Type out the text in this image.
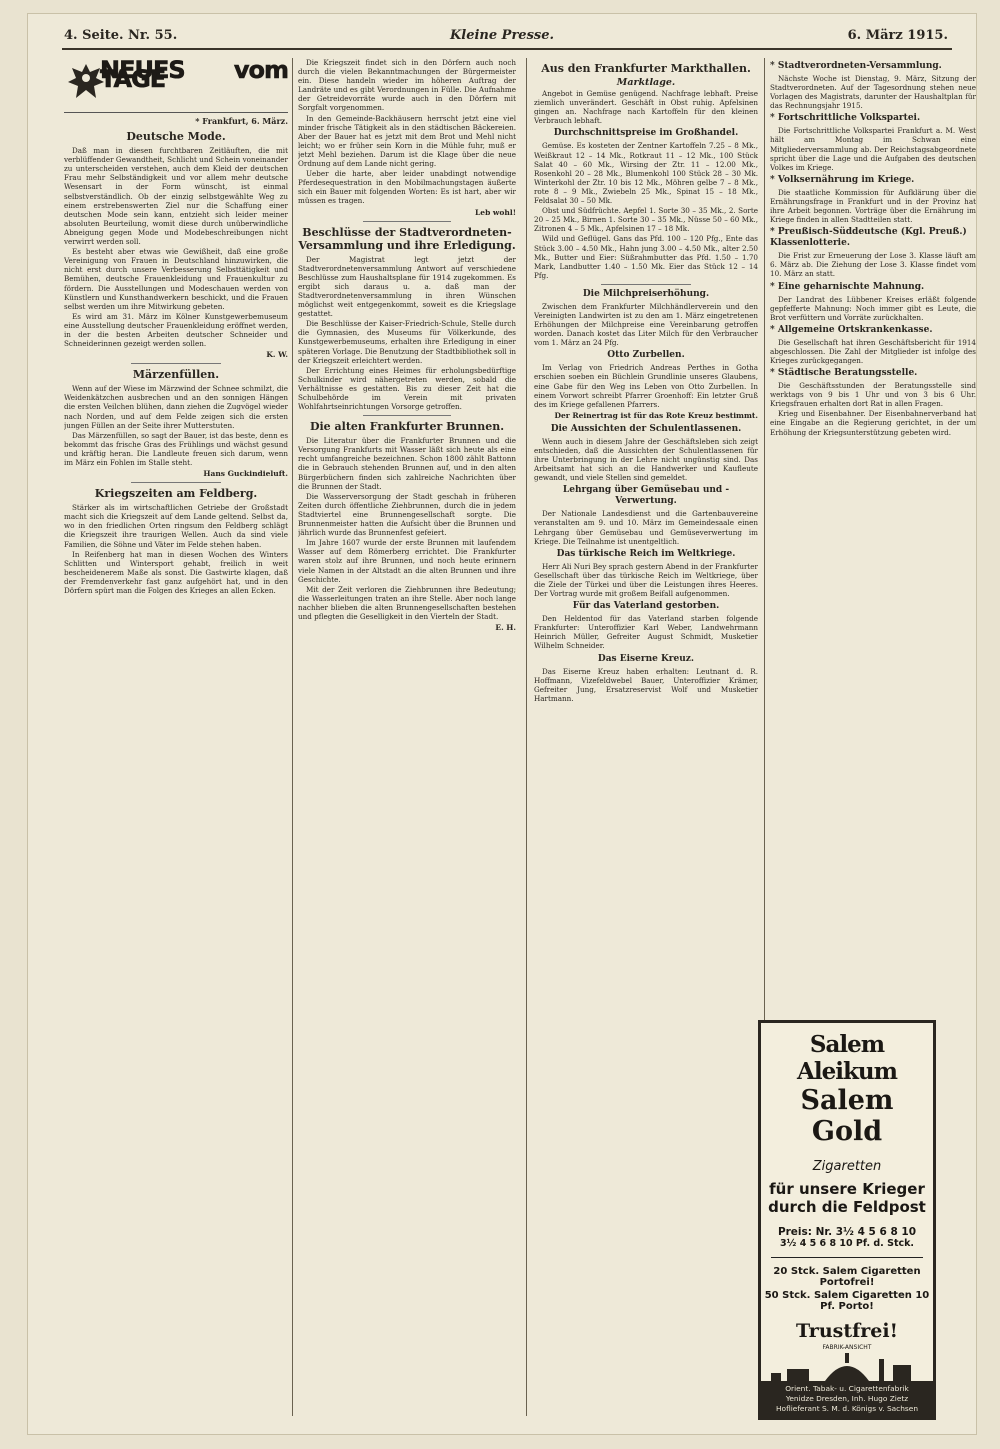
4. Seite. Nr. 55.	Kleine Presse.	6. März 1915.
NEUES vom TAGE
* Frankfurt, 6. März.
Deutsche Mode.

Daß man in diesen furchtbaren Zeitläuften, die mit verblüffender Gewandtheit, Schlicht und Schein voneinander zu unterscheiden verstehen, auch dem Kleid der deutschen Frau mehr Selbständigkeit und vor allem mehr deutsche Wesensart in der Form wünscht, ist einmal selbstverständlich. Ob der einzig selbstgewählte Weg zu einem erstrebenswerten Ziel nur die Schaffung einer deutschen Mode sein kann, entzieht sich leider meiner absoluten Beurteilung, womit diese durch unüberwindliche Abneigung gegen Mode und Modebeschreibungen nicht verwirrt werden soll.

Es besteht aber etwas wie Gewißheit, daß eine große Vereinigung von Frauen in Deutschland hinzuwirken, die nicht erst durch unsere Verbesserung Selbsttätigkeit und Bemühen, deutsche Frauenkleidung und Frauenkultur zu fördern. Die Ausstellungen und Modeschauen werden von Künstlern und Kunsthandwerkern beschickt, und die Frauen selbst werden um ihre Mitwirkung gebeten.

Es wird am 31. März im Kölner Kunstgewerbemuseum eine Ausstellung deutscher Frauenkleidung eröffnet werden, in der die besten Arbeiten deutscher Schneider und Schneiderinnen gezeigt werden sollen.

K. W.
Märzenfüllen.

Wenn auf der Wiese im Märzwind der Schnee schmilzt, die Weidenkätzchen ausbrechen und an den sonnigen Hängen die ersten Veilchen blühen, dann ziehen die Zugvögel wieder nach Norden, und auf dem Felde zeigen sich die ersten jungen Füllen an der Seite ihrer Mutterstuten.

Das Märzenfüllen, so sagt der Bauer, ist das beste, denn es bekommt das frische Gras des Frühlings und wächst gesund und kräftig heran. Die Landleute freuen sich darum, wenn im März ein Fohlen im Stalle steht.

Hans Guckindieluft.
Kriegszeiten am Feldberg.

Stärker als im wirtschaftlichen Getriebe der Großstadt macht sich die Kriegszeit auf dem Lande geltend. Selbst da, wo in den friedlichen Orten ringsum den Feldberg schlägt die Kriegszeit ihre traurigen Wellen. Auch da sind viele Familien, die Söhne und Väter im Felde stehen haben.

In Reifenberg hat man in diesen Wochen des Winters Schlitten und Wintersport gehabt, freilich in weit bescheidenerem Maße als sonst. Die Gastwirte klagen, daß der Fremdenverkehr fast ganz aufgehört hat, und in den Dörfern spürt man die Folgen des Krieges an allen Ecken.

Die Kriegszeit findet sich in den Dörfern auch noch durch die vielen Bekanntmachungen der Bürgermeister ein. Diese handeln wieder im höheren Auftrag der Landräte und es gibt Verordnungen in Fülle. Die Aufnahme der Getreidevorräte wurde auch in den Dörfern mit Sorgfalt vorgenommen.

In den Gemeinde-Backhäusern herrscht jetzt eine viel minder frische Tätigkeit als in den städtischen Bäckereien. Aber der Bauer hat es jetzt mit dem Brot und Mehl nicht leicht; wo er früher sein Korn in die Mühle fuhr, muß er jetzt Mehl beziehen. Darum ist die Klage über die neue Ordnung auf dem Lande nicht gering.

Ueber die harte, aber leider unabdingt notwendige Pferdesequestration in den Mobilmachungstagen äußerte sich ein Bauer mit folgenden Worten: Es ist hart, aber wir müssen es tragen.

Leb wohl!
Beschlüsse der Stadtverordneten-Versammlung und ihre Erledigung.

Der Magistrat legt jetzt der Stadtverordnetenversammlung Antwort auf verschiedene Beschlüsse zum Haushaltsplane für 1914 zugekommen. Es ergibt sich daraus u. a. daß man der Stadtverordnetenversammlung in ihren Wünschen möglichst weit entgegenkommt, soweit es die Kriegslage gestattet.

Die Beschlüsse der Kaiser-Friedrich-Schule, Stelle durch die Gymnasien, des Museums für Völkerkunde, des Kunstgewerbemuseums, erhalten ihre Erledigung in einer späteren Vorlage. Die Benutzung der Stadtbibliothek soll in der Kriegszeit erleichtert werden.

Der Errichtung eines Heimes für erholungsbedürftige Schulkinder wird nähergetreten werden, sobald die Verhältnisse es gestatten. Bis zu dieser Zeit hat die Schulbehörde im Verein mit privaten Wohlfahrtseinrichtungen Vorsorge getroffen.

Die alten Frankfurter Brunnen.

Die Literatur über die Frankfurter Brunnen und die Versorgung Frankfurts mit Wasser läßt sich heute als eine recht umfangreiche bezeichnen. Schon 1800 zählt Battonn die in Gebrauch stehenden Brunnen auf, und in den alten Bürgerbüchern finden sich zahlreiche Nachrichten über die Brunnen der Stadt.

Die Wasserversorgung der Stadt geschah in früheren Zeiten durch öffentliche Ziehbrunnen, durch die in jedem Stadtviertel eine Brunnengesellschaft sorgte. Die Brunnenmeister hatten die Aufsicht über die Brunnen und jährlich wurde das Brunnenfest gefeiert.

Im Jahre 1607 wurde der erste Brunnen mit laufendem Wasser auf dem Römerberg errichtet. Die Frankfurter waren stolz auf ihre Brunnen, und noch heute erinnern viele Namen in der Altstadt an die alten Brunnen und ihre Geschichte.

Mit der Zeit verloren die Ziehbrunnen ihre Bedeutung; die Wasserleitungen traten an ihre Stelle. Aber noch lange nachher blieben die alten Brunnengesellschaften bestehen und pflegten die Geselligkeit in den Vierteln der Stadt.

E. H.
Aus den Frankfurter Markthallen.
Marktlage.

Angebot in Gemüse genügend. Nachfrage lebhaft. Preise ziemlich unverändert. Geschäft in Obst ruhig. Apfelsinen gingen an. Nachfrage nach Kartoffeln für den kleinen Verbrauch lebhaft.

Durchschnittspreise im Großhandel.

Gemüse. Es kosteten der Zentner Kartoffeln 7.25 – 8 Mk., Weißkraut 12 – 14 Mk., Rotkraut 11 – 12 Mk., 100 Stück Salat 40 – 60 Mk., Wirsing der Ztr. 11 – 12.00 Mk., Rosenkohl 20 – 28 Mk., Blumenkohl 100 Stück 28 – 30 Mk. Winterkohl der Ztr. 10 bis 12 Mk., Möhren gelbe 7 – 8 Mk., rote 8 – 9 Mk., Zwiebeln 25 Mk., Spinat 15 – 18 Mk., Feldsalat 30 – 50 Mk.

Obst und Südfrüchte. Aepfel 1. Sorte 30 – 35 Mk., 2. Sorte 20 – 25 Mk., Birnen 1. Sorte 30 – 35 Mk., Nüsse 50 – 60 Mk., Zitronen 4 – 5 Mk., Apfelsinen 17 – 18 Mk.

Wild und Geflügel. Gans das Pfd. 100 – 120 Pfg., Ente das Stück 3.00 – 4.50 Mk., Hahn jung 3.00 – 4.50 Mk., alter 2.50 Mk., Butter und Eier: Süßrahmbutter das Pfd. 1.50 – 1.70 Mark, Landbutter 1.40 – 1.50 Mk. Eier das Stück 12 – 14 Pfg.

Die Milchpreiserhöhung.

Zwischen dem Frankfurter Milchhändlerverein und den Vereinigten Landwirten ist zu den am 1. März eingetretenen Erhöhungen der Milchpreise eine Vereinbarung getroffen worden. Danach kostet das Liter Milch für den Verbraucher vom 1. März an 24 Pfg.

Otto Zurbellen.

Im Verlag von Friedrich Andreas Perthes in Gotha erschien soeben ein Büchlein Grundlinie unseres Glaubens, eine Gabe für den Weg ins Leben von Otto Zurbellen. In einem Vorwort schreibt Pfarrer Groenhoff: Ein letzter Gruß des im Kriege gefallenen Pfarrers.

Der Reinertrag ist für das Rote Kreuz bestimmt.
Die Aussichten der Schulentlassenen.

Wenn auch in diesem Jahre der Geschäftsleben sich zeigt entschieden, daß die Aussichten der Schulentlassenen für ihre Unterbringung in der Lehre nicht ungünstig sind. Das Arbeitsamt hat sich an die Handwerker und Kaufleute gewandt, und viele Stellen sind gemeldet.

Lehrgang über Gemüsebau und -Verwertung.

Der Nationale Landesdienst und die Gartenbauvereine veranstalten am 9. und 10. März im Gemeindesaale einen Lehrgang über Gemüsebau und Gemüseverwertung im Kriege. Die Teilnahme ist unentgeltlich.

Das türkische Reich im Weltkriege.

Herr Ali Nuri Bey sprach gestern Abend in der Frankfurter Gesellschaft über das türkische Reich im Weltkriege, über die Ziele der Türkei und über die Leistungen ihres Heeres. Der Vortrag wurde mit großem Beifall aufgenommen.

Für das Vaterland gestorben.

Den Heldentod für das Vaterland starben folgende Frankfurter: Unteroffizier Karl Weber, Landwehrmann Heinrich Müller, Gefreiter August Schmidt, Musketier Wilhelm Schneider.

Das Eiserne Kreuz.

Das Eiserne Kreuz haben erhalten: Leutnant d. R. Hoffmann, Vizefeldwebel Bauer, Unteroffizier Krämer, Gefreiter Jung, Ersatzreservist Wolf und Musketier Hartmann.

* Stadtverordneten-Versammlung.

Nächste Woche ist Dienstag, 9. März, Sitzung der Stadtverordneten. Auf der Tagesordnung stehen neue Vorlagen des Magistrats, darunter der Haushaltplan für das Rechnungsjahr 1915.

* Fortschrittliche Volkspartei.

Die Fortschrittliche Volkspartei Frankfurt a. M. West hält am Montag im Schwan eine Mitgliederversammlung ab. Der Reichstagsabgeordnete spricht über die Lage und die Aufgaben des deutschen Volkes im Kriege.

* Volksernährung im Kriege.

Die staatliche Kommission für Aufklärung über die Ernährungsfrage in Frankfurt und in der Provinz hat ihre Arbeit begonnen. Vorträge über die Ernährung im Kriege finden in allen Stadtteilen statt.

* Preußisch-Süddeutsche (Kgl. Preuß.) Klassenlotterie.

Die Frist zur Erneuerung der Lose 3. Klasse läuft am 6. März ab. Die Ziehung der Lose 3. Klasse findet vom 10. März an statt.

* Eine geharnischte Mahnung.

Der Landrat des Lübbener Kreises erläßt folgende gepfefferte Mahnung: Noch immer gibt es Leute, die Brot verfüttern und Vorräte zurückhalten.

* Allgemeine Ortskrankenkasse.

Die Gesellschaft hat ihren Geschäftsbericht für 1914 abgeschlossen. Die Zahl der Mitglieder ist infolge des Krieges zurückgegangen.

* Städtische Beratungsstelle.

Die Geschäftsstunden der Beratungsstelle sind werktags von 9 bis 1 Uhr und von 3 bis 6 Uhr. Kriegsfrauen erhalten dort Rat in allen Fragen.

Krieg und Eisenbahner. Der Eisenbahnerverband hat eine Eingabe an die Regierung gerichtet, in der um Erhöhung der Kriegsunterstützung gebeten wird.

Salem Aleikum
Salem Gold
Zigaretten
für unsere Krieger durch die Feldpost
Preis: Nr. 3½ 4 5 6 8 10
3½ 4 5 6 8 10 Pf. d. Stck.
20 Stck. Salem Cigaretten Portofrei!
50 Stck. Salem Cigaretten 10 Pf. Porto!
Trustfrei!
FABRIK-ANSICHT
Orient. Tabak- u. Cigarettenfabrik
Yenidze Dresden, Inh. Hugo Zietz
Hoflieferant S. M. d. Königs v. Sachsen
